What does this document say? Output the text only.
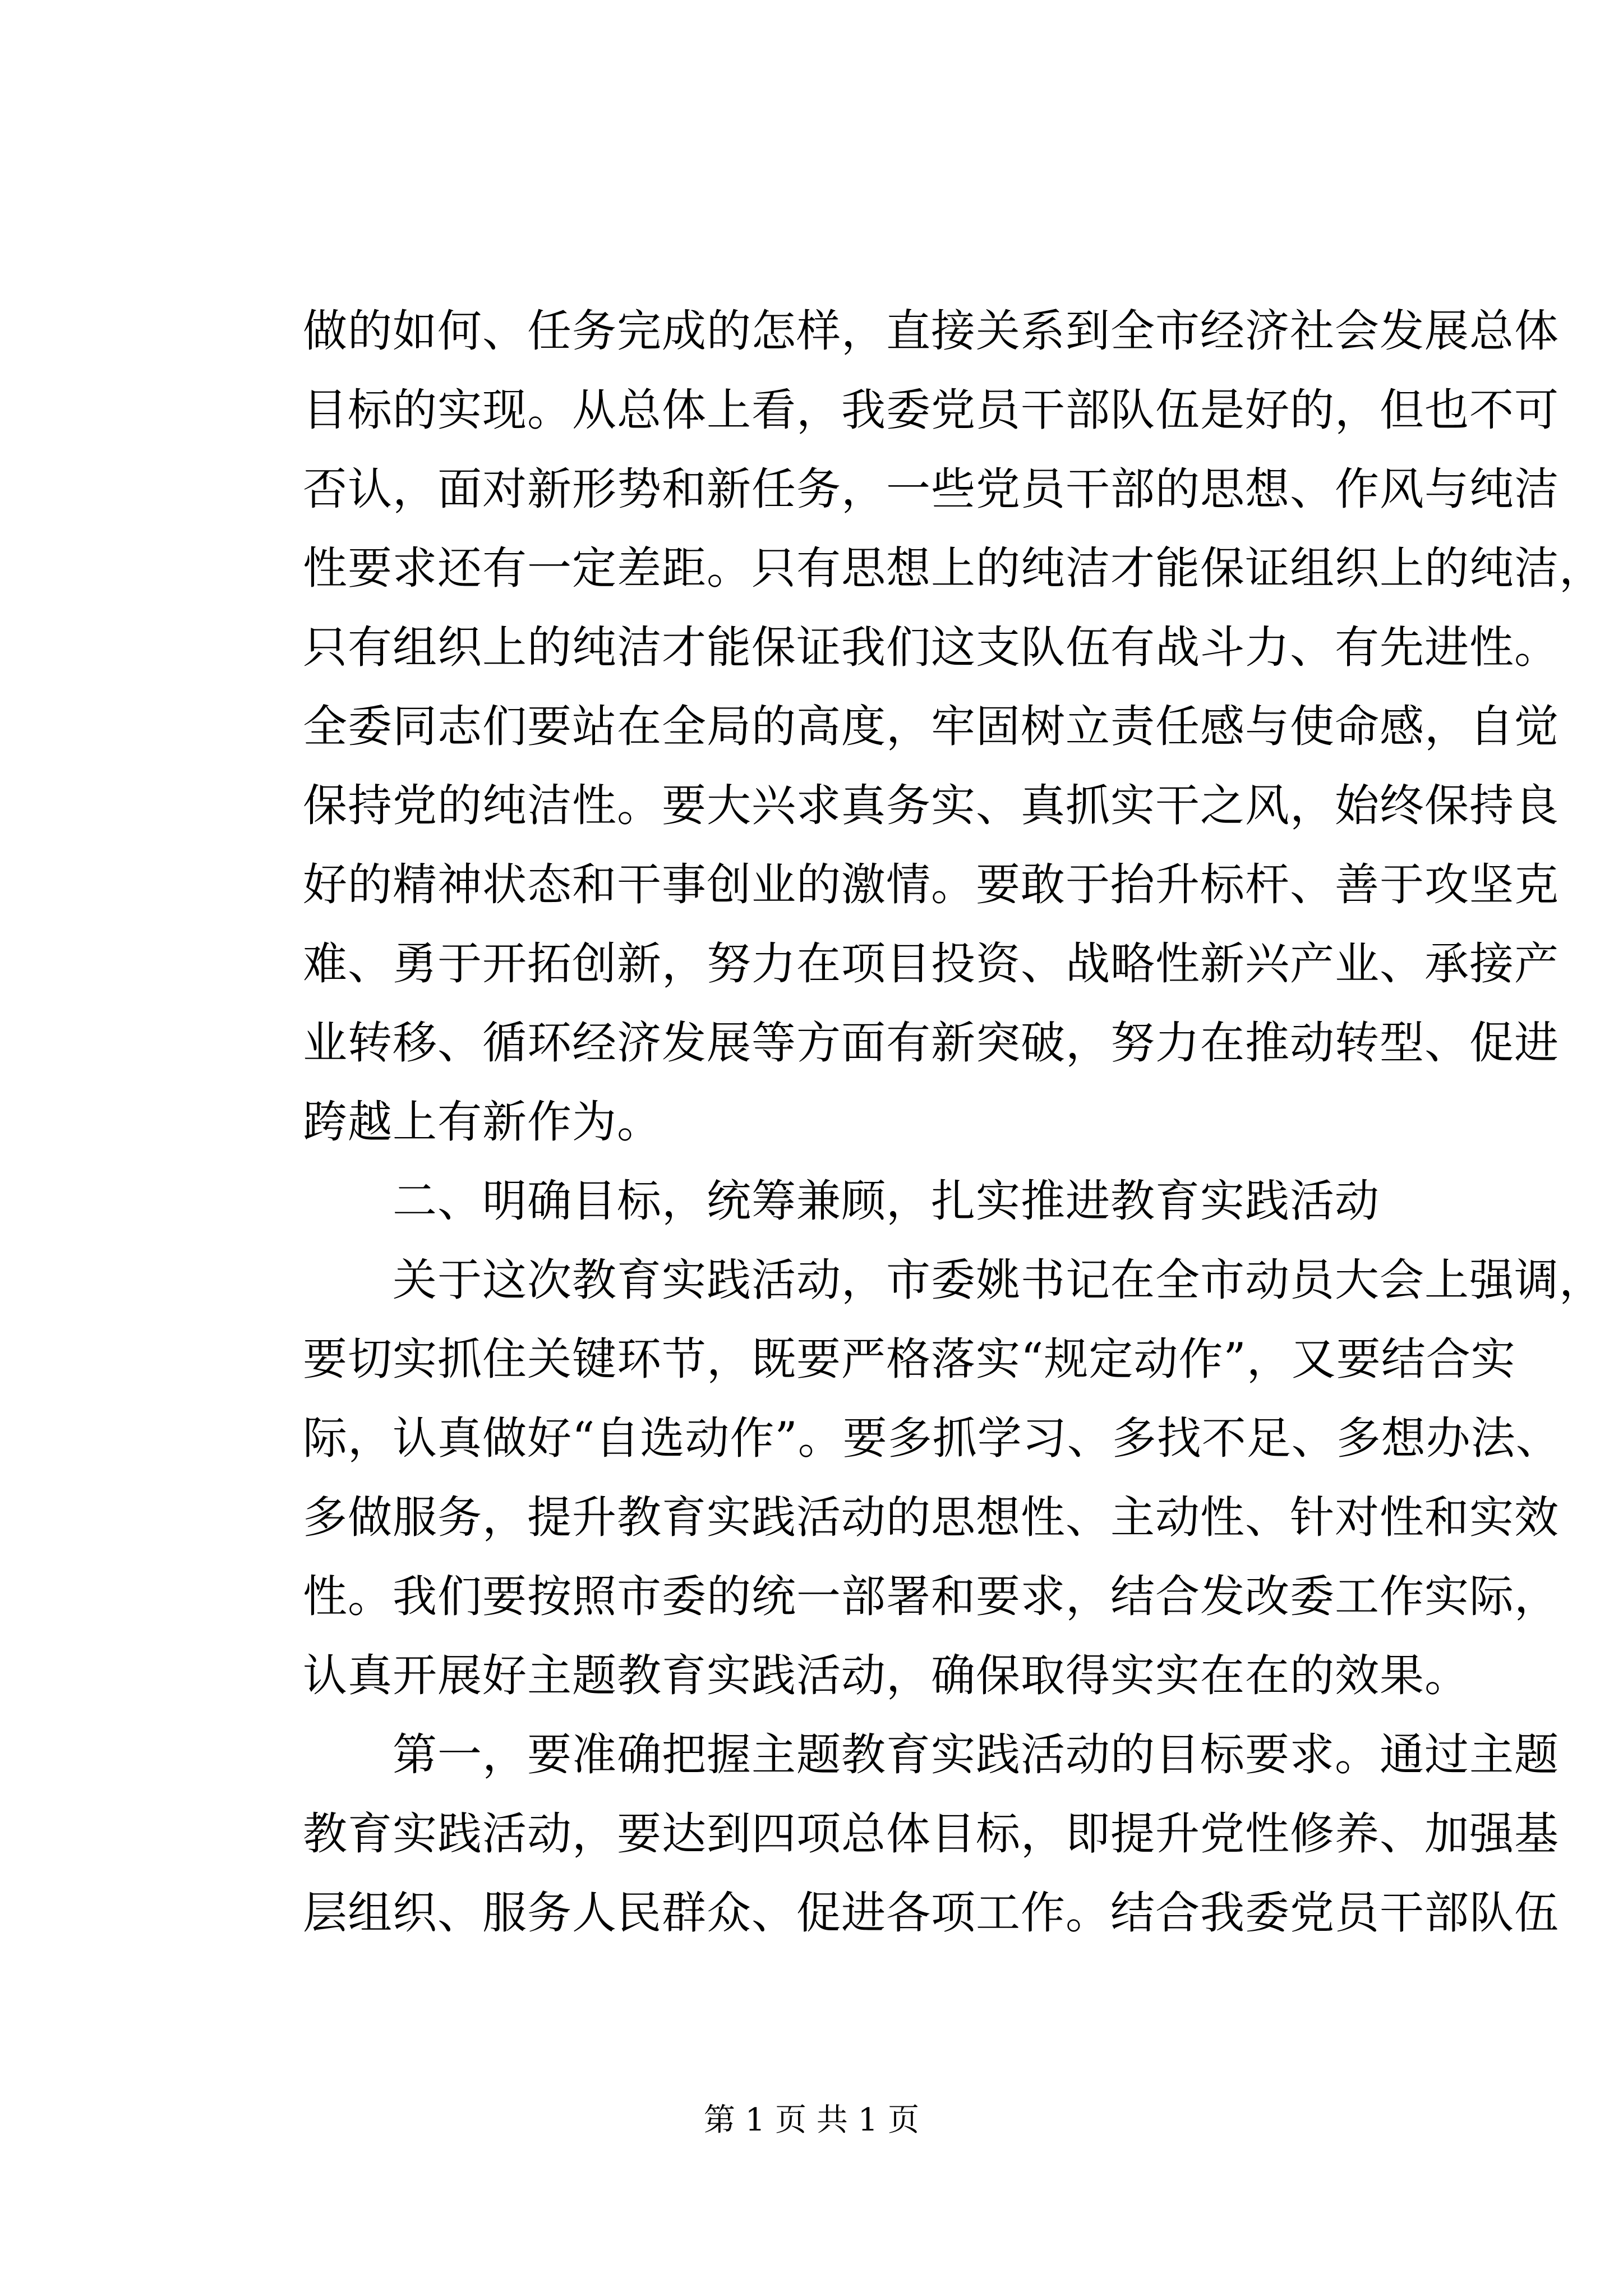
做的如何、任务完成的怎样，直接关系到全市经济社会发展总体
目标的实现。从总体上看，我委党员干部队伍是好的，但也不可
否认，面对新形势和新任务，一些党员干部的思想、作风与纯洁
性要求还有一定差距。只有思想上的纯洁才能保证组织上的纯洁，
只有组织上的纯洁才能保证我们这支队伍有战斗力、有先进性。
全委同志们要站在全局的高度，牢固树立责任感与使命感，自觉
保持党的纯洁性。要大兴求真务实、真抓实干之风，始终保持良
好的精神状态和干事创业的激情。要敢于抬升标杆、善于攻坚克
难、勇于开拓创新，努力在项目投资、战略性新兴产业、承接产
业转移、循环经济发展等方面有新突破，努力在推动转型、促进
跨越上有新作为。

二、明确目标，统筹兼顾，扎实推进教育实践活动

关于这次教育实践活动，市委姚书记在全市动员大会上强调，
要切实抓住关键环节，既要严格落实“规定动作”，又要结合实
际，认真做好“自选动作”。要多抓学习、多找不足、多想办法、
多做服务，提升教育实践活动的思想性、主动性、针对性和实效
性。我们要按照市委的统一部署和要求，结合发改委工作实际，
认真开展好主题教育实践活动，确保取得实实在在的效果。

第一，要准确把握主题教育实践活动的目标要求。通过主题
教育实践活动，要达到四项总体目标，即提升党性修养、加强基
层组织、服务人民群众、促进各项工作。结合我委党员干部队伍

第 1 页 共 1 页
